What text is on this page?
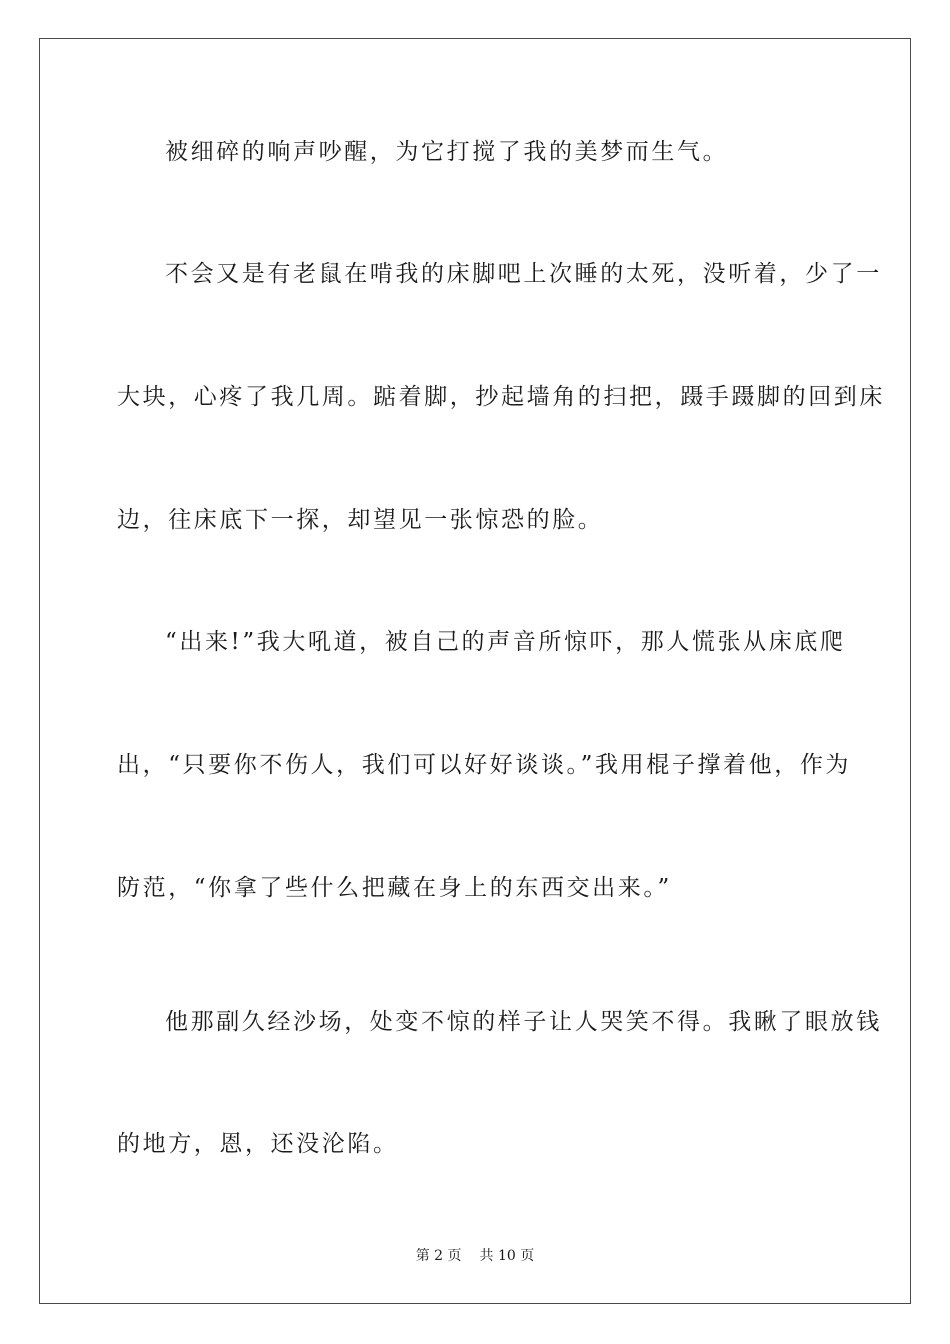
被细碎的响声吵醒，为它打搅了我的美梦而生气。
不会又是有老鼠在啃我的床脚吧上次睡的太死，没听着，少了一
大块，心疼了我几周。踮着脚，抄起墙角的扫把，蹑手蹑脚的回到床
边，往床底下一探，却望见一张惊恐的脸。
“出来!”我大吼道，被自己的声音所惊吓，那人慌张从床底爬
出，“只要你不伤人，我们可以好好谈谈。”我用棍子撑着他，作为
防范，“你拿了些什么把藏在身上的东西交出来。”
他那副久经沙场，处变不惊的样子让人哭笑不得。我瞅了眼放钱
的地方，恩，还没沦陷。
第 2 页 共 10 页
